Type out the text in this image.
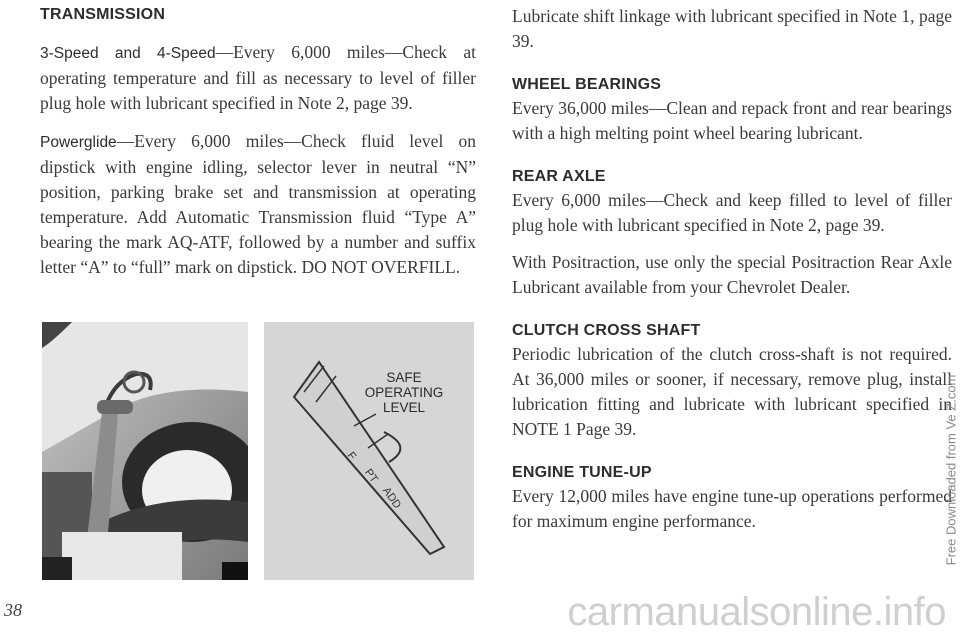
TRANSMISSION

3-Speed and 4-Speed—Every 6,000 miles—Check at operating temperature and fill as necessary to level of filler plug hole with lubricant specified in Note 2, page 39.

Powerglide—Every 6,000 miles—Check fluid level on dipstick with engine idling, selector lever in neutral “N” position, parking brake set and transmission at operating temperature. Add Automatic Transmission fluid “Type A” bearing the mark AQ-ATF, followed by a number and suffix letter “A” to “full” mark on dipstick. DO NOT OVERFILL.

SAFE
OPERATING
LEVEL
F
PT
ADD

Lubricate shift linkage with lubricant specified in Note 1, page 39.

WHEEL BEARINGS

Every 36,000 miles—Clean and repack front and rear bearings with a high melting point wheel bearing lubricant.

REAR AXLE

Every 6,000 miles—Check and keep filled to level of filler plug hole with lubricant specified in Note 2, page 39.

With Positraction, use only the special Positraction Rear Axle Lubricant available from your Chevrolet Dealer.

CLUTCH CROSS SHAFT

Periodic lubrication of the clutch cross-shaft is not required. At 36,000 miles or sooner, if necessary, remove plug, install lubrication fitting and lubricate with lubricant specified in NOTE 1 Page 39.

ENGINE TUNE-UP

Every 12,000 miles have engine tune-up operations performed for maximum engine performance.	Free Downloaded from Ve Z.com
38	carmanualsonline.info
